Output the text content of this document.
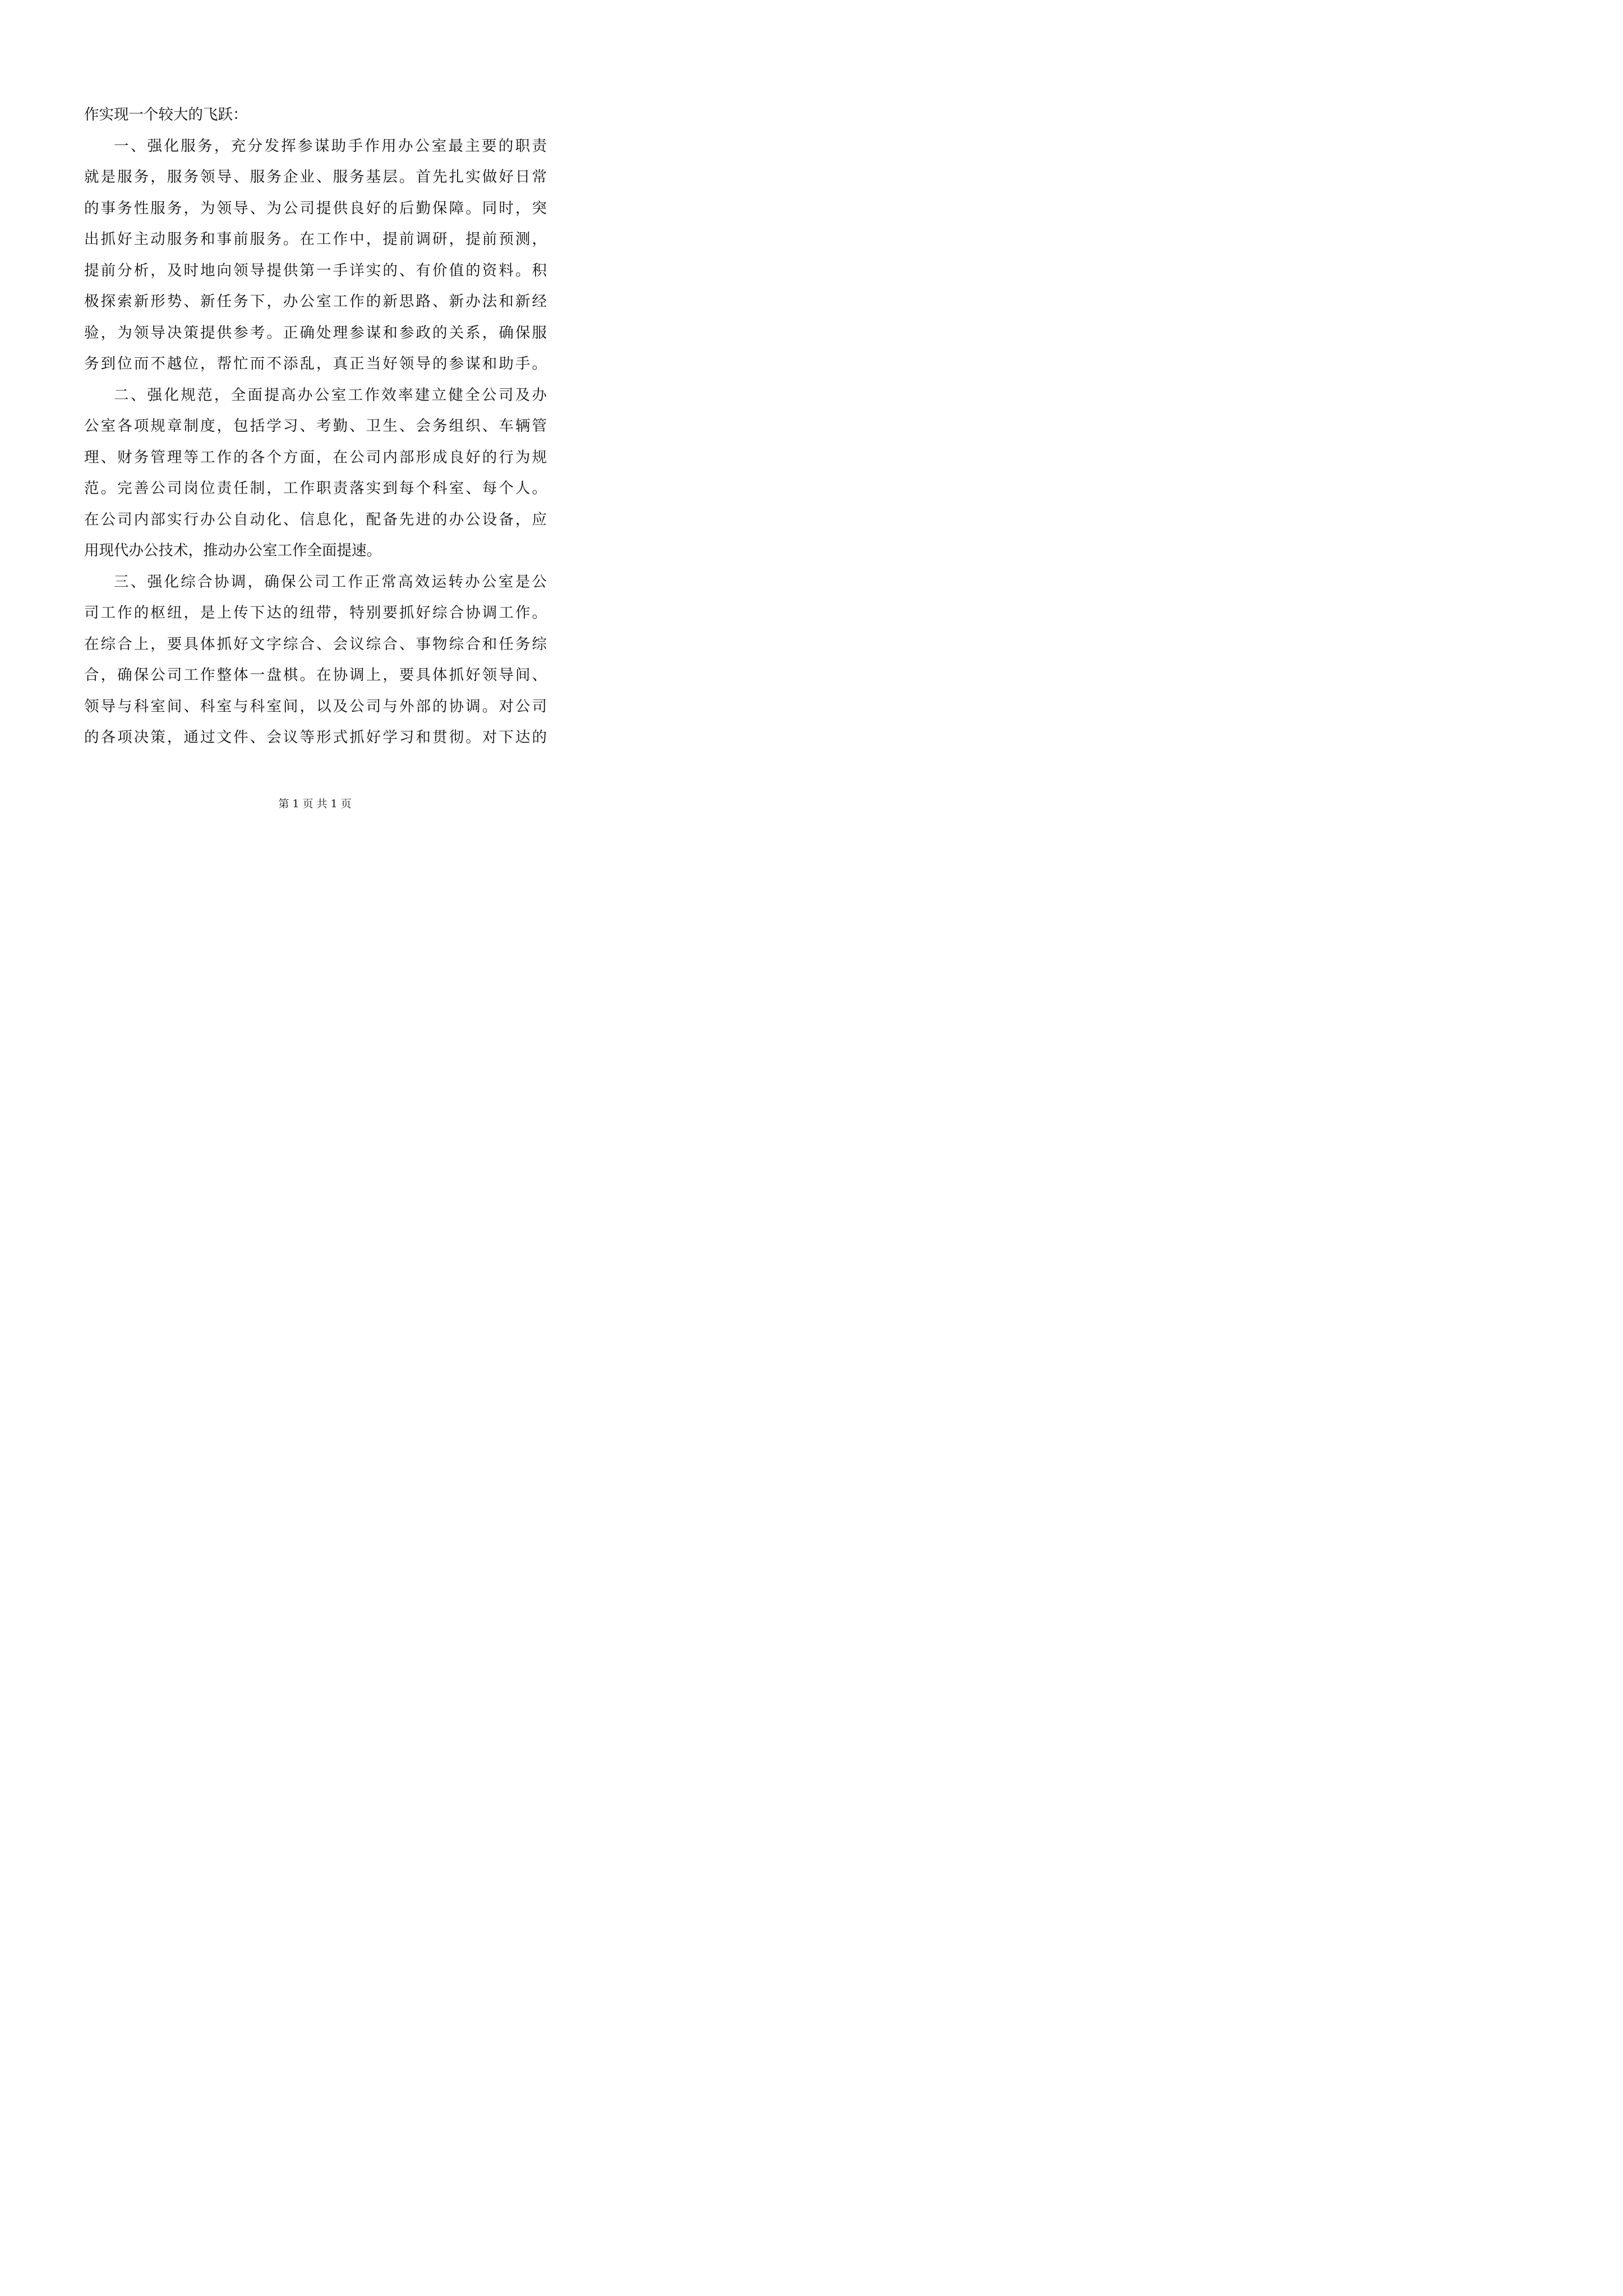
作实现一个较大的飞跃：
一、强化服务，充分发挥参谋助手作用办公室最主要的职责
就是服务，服务领导、服务企业、服务基层。首先扎实做好日常
的事务性服务，为领导、为公司提供良好的后勤保障。同时，突
出抓好主动服务和事前服务。在工作中，提前调研，提前预测，
提前分析，及时地向领导提供第一手详实的、有价值的资料。积
极探索新形势、新任务下，办公室工作的新思路、新办法和新经
验，为领导决策提供参考。正确处理参谋和参政的关系，确保服
务到位而不越位，帮忙而不添乱，真正当好领导的参谋和助手。
二、强化规范，全面提高办公室工作效率建立健全公司及办
公室各项规章制度，包括学习、考勤、卫生、会务组织、车辆管
理、财务管理等工作的各个方面，在公司内部形成良好的行为规
范。完善公司岗位责任制，工作职责落实到每个科室、每个人。
在公司内部实行办公自动化、信息化，配备先进的办公设备，应
用现代办公技术，推动办公室工作全面提速。
三、强化综合协调，确保公司工作正常高效运转办公室是公
司工作的枢纽，是上传下达的纽带，特别要抓好综合协调工作。
在综合上，要具体抓好文字综合、会议综合、事物综合和任务综
合，确保公司工作整体一盘棋。在协调上，要具体抓好领导间、
领导与科室间、科室与科室间，以及公司与外部的协调。对公司
的各项决策，通过文件、会议等形式抓好学习和贯彻。对下达的
第 1 页 共 1 页
